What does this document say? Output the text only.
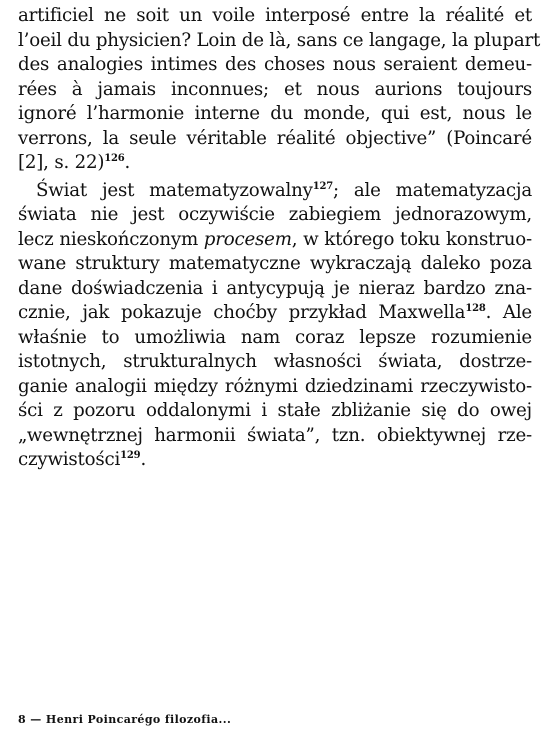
artificiel ne soit un voile interposé entre la réalité et
l’oeil du physicien? Loin de là, sans ce langage, la plupart
des analogies intimes des choses nous seraient demeu-
rées à jamais inconnues; et nous aurions toujours
ignoré l’harmonie interne du monde, qui est, nous le
verrons, la seule véritable réalité objective” (Poincaré
[2], s. 22)$^{126}$.
Świat jest matematyzowalny$^{127}$; ale matematyzacja
świata nie jest oczywiście zabiegiem jednorazowym,
lecz nieskończonym procesem, w którego toku konstruo-
wane struktury matematyczne wykraczają daleko poza
dane doświadczenia i antycypują je nieraz bardzo zna-
cznie, jak pokazuje choćby przykład Maxwella$^{128}$. Ale
właśnie to umożliwia nam coraz lepsze rozumienie
istotnych, strukturalnych własności świata, dostrze-
ganie analogii między różnymi dziedzinami rzeczywisto-
ści z pozoru oddalonymi i stałe zbliżanie się do owej
„wewnętrznej harmonii świata”, tzn. obiektywnej rze-
czywistości$^{129}$.
8 — Henri Poincarégo filozofia...
